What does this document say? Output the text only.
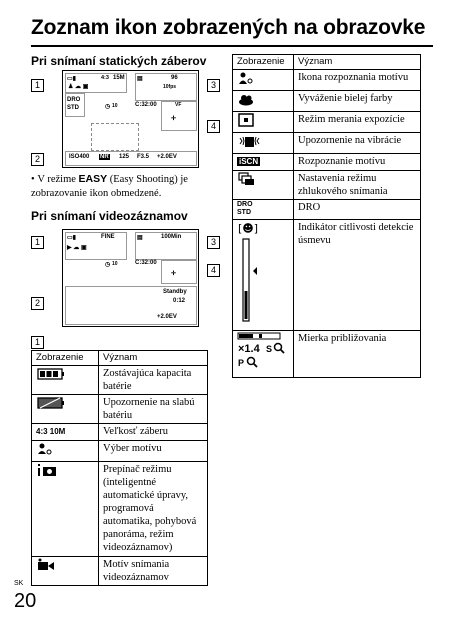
Zoznam ikon zobrazených na obrazovke
Pri snímaní statických záberov
1
2
3
4
▭▮	4:3 15M
♟ ☁ ▣
DRO
STD
▤	96
10fps
◷ 10	C:32:00	VF
✛
ISO400 NR 125 F3.5 +2.0EV
• V režime EASY (Easy Shooting) je zobrazovanie ikon obmedzené.
Pri snímaní videozáznamov
1
2
3
4
▭▮	FINE
▶ ☁ ▣
▤	100Min
◷ 10	C:32:00
✛
Standby
0:12
+2.0EV
1
Zobrazenie	Význam
	Zostávajúca kapacita batérie
	Upozornenie na slabú batériu
4:3 10M	Veľkosť záberu
	Výber motívu
	Prepínač režimu (inteligentné automatické úpravy, programová automatika, pohybová panoráma, režim videozáznamov)
	Motív snímania videozáznamov
Zobrazenie	Význam
	Ikona rozpoznania motívu
	Vyváženie bielej farby
	Režim merania expozície
	Upozornenie na vibrácie
iSCN	Rozpoznanie motívu
	Nastavenia režimu zhlukového snímania
DRO STD	DRO

[☻]	Indikátor citlivosti detekcie úsmevu

×1.4 S
P	Mierka približovania
SK
20
